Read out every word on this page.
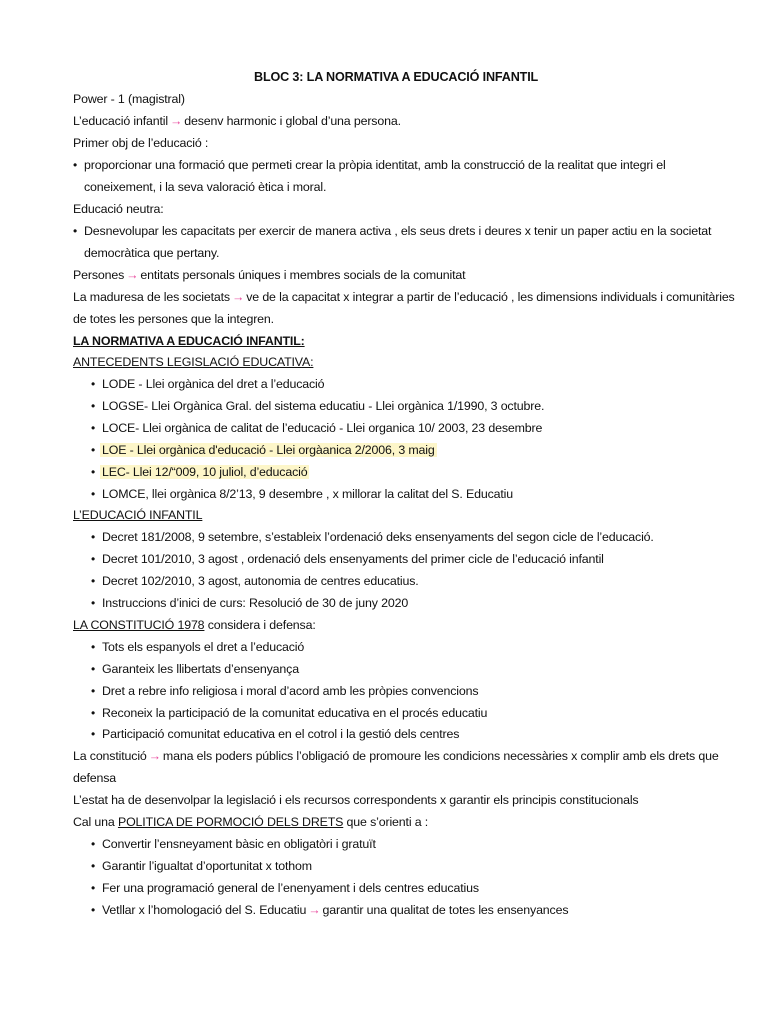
BLOC 3: LA NORMATIVA A EDUCACIÓ INFANTIL
Power - 1 (magistral)
L’educació infantil → desenv harmonic i global d’una persona.
Primer obj de l’educació :
• proporcionar una formació que permeti crear la pròpia identitat, amb la construcció de la realitat que integri el
coneixement, i la seva valoració ètica i moral.
Educació neutra:
• Desnevolupar les capacitats per exercir de manera activa , els seus drets i deures x tenir un paper actiu en la societat
democràtica que pertany.
Persones → entitats personals úniques i membres socials de la comunitat
La maduresa de les societats → ve de la capacitat x integrar a partir de l’educació , les dimensions individuals i comunitàries
de totes les persones que la integren.
LA NORMATIVA A EDUCACIÓ INFANTIL:
ANTECEDENTS LEGISLACIÓ EDUCATIVA:
• LODE - Llei orgànica del dret a l’educació
• LOGSE- Llei Orgànica Gral. del sistema educatiu - Llei orgànica 1/1990, 3 octubre.
• LOCE- Llei orgànica de calitat de l’educació - Llei organica 10/ 2003, 23 desembre
• LOE - Llei orgànica d'educació - Llei orgàanica 2/2006, 3 maig
• LEC- Llei 12/“009, 10 juliol, d’educació
• LOMCE, llei orgànica 8/2’13, 9 desembre , x millorar la calitat del S. Educatiu
L’EDUCACIÓ INFANTIL
• Decret 181/2008, 9 setembre, s’estableix l’ordenació deks ensenyaments del segon cicle de l’educació.
• Decret 101/2010, 3 agost , ordenació dels ensenyaments del primer cicle de l’educació infantil
• Decret 102/2010, 3 agost, autonomia de centres educatius.
• Instruccions d’inici de curs: Resolució de 30 de juny 2020
LA CONSTITUCIÓ 1978 considera i defensa:
• Tots els espanyols el dret a l’educació
• Garanteix les llibertats d’ensenyança
• Dret a rebre info religiosa i moral d’acord amb les pròpies convencions
• Reconeix la participació de la comunitat educativa en el procés educatiu
• Participació comunitat educativa en el cotrol i la gestió dels centres
La constitució → mana els poders públics l’obligació de promoure les condicions necessàries x complir amb els drets que
defensa
L’estat ha de desenvolpar la legislació i els recursos correspondents x garantir els principis constitucionals
Cal una POLITICA DE PORMOCIÓ DELS DRETS que s’orienti a :
• Convertir l’ensneyament bàsic en obligatòri i gratuït
• Garantir l’igualtat d’oportunitat x tothom
• Fer una programació general de l’enenyament i dels centres educatius
• Vetllar x l’homologació del S. Educatiu → garantir una qualitat de totes les ensenyances
